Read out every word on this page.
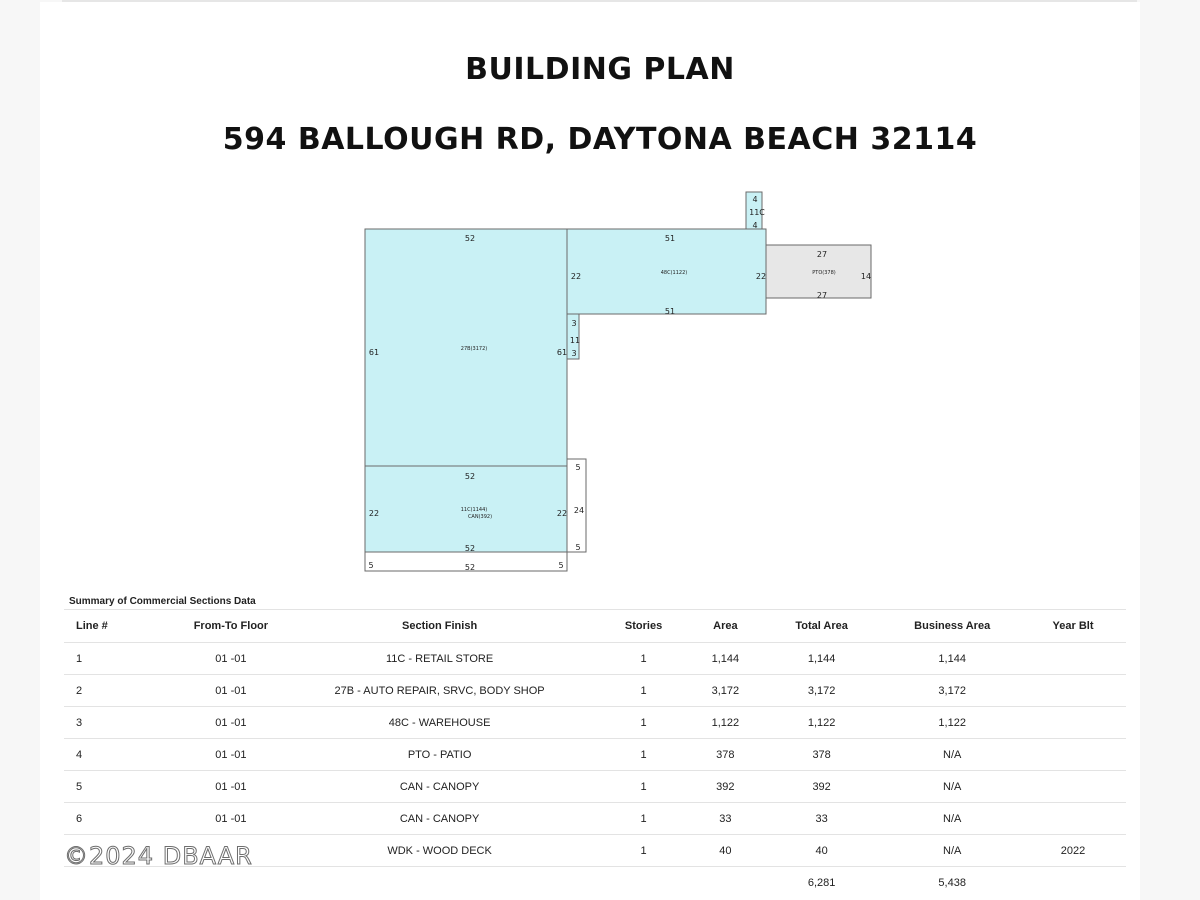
BUILDING PLAN
594 BALLOUGH RD, DAYTONA BEACH 32114
52
61	61
27B(3172)
51
51
22	22
48C(1122)
27
27
14
PTO(378)
4
4
11C
3
11
3
52
52
22	22
11C(1144)
CAN(392)
5
24
5
5	52	5
Summary of Commercial Sections Data
Line #	From-To Floor	Section Finish	Stories	Area	Total Area	Business Area	Year Blt
1	01 -01	11C - RETAIL STORE	1	1,144	1,144	1,144	
2	01 -01	27B - AUTO REPAIR, SRVC, BODY SHOP	1	3,172	3,172	3,172	
3	01 -01	48C - WAREHOUSE	1	1,122	1,122	1,122	
4	01 -01	PTO - PATIO	1	378	378	N/A	
5	01 -01	CAN - CANOPY	1	392	392	N/A	
6	01 -01	CAN - CANOPY	1	33	33	N/A	
		WDK - WOOD DECK	1	40	40	N/A	2022
					6,281	5,438	
©2024 DBAAR
